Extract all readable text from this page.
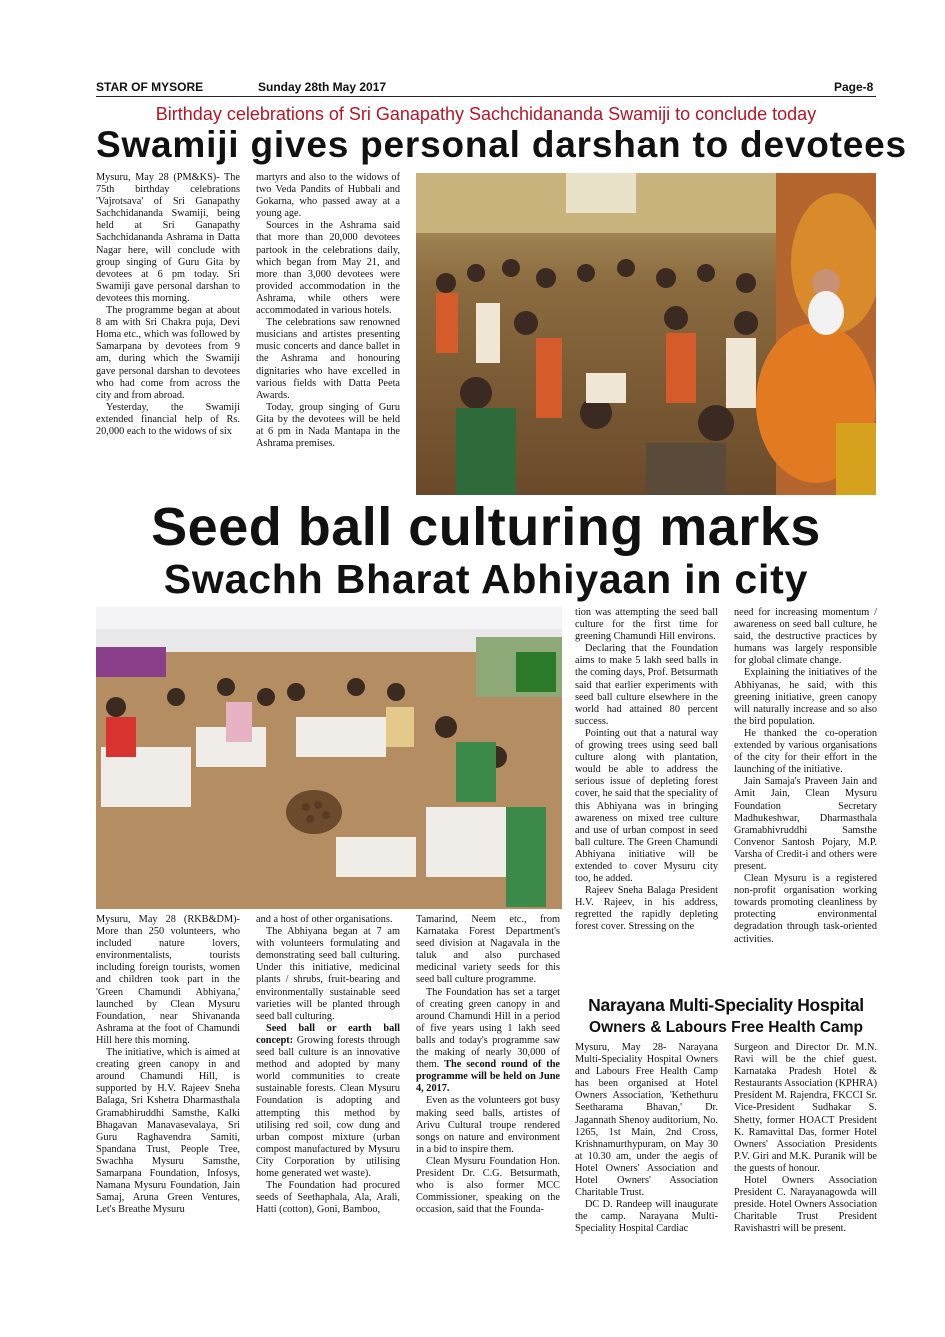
STAR OF MYSORE	Sunday 28th May 2017	Page-8
Birthday celebrations of Sri Ganapathy Sachchidananda Swamiji to conclude today
Swamiji gives personal darshan to devotees

Mysuru, May 28 (PM&KS)- The 75th birthday celebrations 'Vajrotsava' of Sri Ganapathy Sachchidananda Swamiji, being held at Sri Ganapathy Sachchidananda Ashrama in Datta Nagar here, will conclude with group singing of Guru Gita by devotees at 6 pm today. Sri Swamiji gave personal darshan to devotees this morning.

The programme began at about 8 am with Sri Chakra puja, Devi Homa etc., which was followed by Samarpana by devotees from 9 am, during which the Swamiji gave personal darshan to devotees who had come from across the city and from abroad.

Yesterday, the Swamiji extended financial help of Rs. 20,000 each to the widows of six

martyrs and also to the widows of two Veda Pandits of Hubbali and Gokarna, who passed away at a young age.

Sources in the Ashrama said that more than 20,000 devotees partook in the celebrations daily, which began from May 21, and more than 3,000 devotees were provided accommodation in the Ashrama, while others were accommodated in various hotels.

The celebrations saw renowned musicians and artistes presenting music concerts and dance ballet in the Ashrama and honouring dignitaries who have excelled in various fields with Datta Peeta Awards.

Today, group singing of Guru Gita by the devotees will be held at 6 pm in Nada Mantapa in the Ashrama premises.

Seed ball culturing marks
Swachh Bharat Abhiyaan in city

tion was attempting the seed ball culture for the first time for greening Chamundi Hill environs.

Declaring that the Foundation aims to make 5 lakh seed balls in the coming days, Prof. Betsurmath said that earlier experiments with seed ball culture elsewhere in the world had attained 80 percent success.

Pointing out that a natural way of growing trees using seed ball culture along with plantation, would be able to address the serious issue of depleting forest cover, he said that the speciality of this Abhiyana was in bringing awareness on mixed tree culture and use of urban compost in seed ball culture. The Green Chamundi Abhiyana initiative will be extended to cover Mysuru city too, he added.

Rajeev Sneha Balaga President H.V. Rajeev, in his address, regretted the rapidly depleting forest cover. Stressing on the

need for increasing momentum / awareness on seed ball culture, he said, the destructive practices by humans was largely responsible for global climate change.

Explaining the initiatives of the Abhiyanas, he said, with this greening initiative, green canopy will naturally increase and so also the bird population.

He thanked the co-operation extended by various organisations of the city for their effort in the launching of the initiative.

Jain Samaja's Praveen Jain and Amit Jain, Clean Mysuru Foundation Secretary Madhukeshwar, Dharmasthala Gramabhivruddhi Samsthe Convenor Santosh Pojary, M.P. Varsha of Credit-i and others were present.

Clean Mysuru is a registered non-profit organisation working towards promoting cleanliness by protecting environmental degradation through task-oriented activities.

Mysuru, May 28 (RKB&DM)- More than 250 volunteers, who included nature lovers, environmentalists, tourists including foreign tourists, women and children took part in the 'Green Chamundi Abhiyana,' launched by Clean Mysuru Foundation, near Shivananda Ashrama at the foot of Chamundi Hill here this morning.

The initiative, which is aimed at creating green canopy in and around Chamundi Hill, is supported by H.V. Rajeev Sneha Balaga, Sri Kshetra Dharmasthala Gramabhiruddhi Samsthe, Kalki Bhagavan Manavasevalaya, Sri Guru Raghavendra Samiti, Spandana Trust, People Tree, Swachha Mysuru Samsthe, Samarpana Foundation, Infosys, Namana Mysuru Foundation, Jain Samaj, Aruna Green Ventures, Let's Breathe Mysuru

and a host of other organisations.

The Abhiyana began at 7 am with volunteers formulating and demonstrating seed ball culturing. Under this initiative, medicinal plants / shrubs, fruit-bearing and environmentally sustainable seed varieties will be planted through seed ball culturing.

Seed ball or earth ball concept: Growing forests through seed ball culture is an innovative method and adopted by many world communities to create sustainable forests. Clean Mysuru Foundation is adopting and attempting this method by utilising red soil, cow dung and urban compost mixture (urban compost manufactured by Mysuru City Corporation by utilising home generated wet waste).

The Foundation had procured seeds of Seethaphala, Ala, Arali, Hatti (cotton), Goni, Bamboo,

Tamarind, Neem etc., from Karnataka Forest Department's seed division at Nagavala in the taluk and also purchased medicinal variety seeds for this seed ball culture programme.

The Foundation has set a target of creating green canopy in and around Chamundi Hill in a period of five years using 1 lakh seed balls and today's programme saw the making of nearly 30,000 of them. The second round of the programme will be held on June 4, 2017.

Even as the volunteers got busy making seed balls, artistes of Arivu Cultural troupe rendered songs on nature and environment in a bid to inspire them.

Clean Mysuru Foundation Hon. President Dr. C.G. Betsurmath, who is also former MCC Commissioner, speaking on the occasion, said that the Founda-

Narayana Multi-Speciality Hospital
Owners & Labours Free Health Camp

Mysuru, May 28- Narayana Multi-Speciality Hospital Owners and Labours Free Health Camp has been organised at Hotel Owners Association, 'Kethethuru Seetharama Bhavan,' Dr. Jagannath Shenoy auditorium, No. 1265, 1st Main, 2nd Cross, Krishnamurthypuram, on May 30 at 10.30 am, under the aegis of Hotel Owners' Association and Hotel Owners' Association Charitable Trust.

DC D. Randeep will inaugurate the camp. Narayana Multi-Speciality Hospital Cardiac

Surgeon and Director Dr. M.N. Ravi will be the chief guest. Karnataka Pradesh Hotel & Restaurants Association (KPHRA) President M. Rajendra, FKCCI Sr. Vice-President Sudhakar S. Shetty, former HOACT President K. Ramavittal Das, former Hotel Owners' Association Presidents P.V. Giri and M.K. Puranik will be the guests of honour.

Hotel Owners Association President C. Narayanagowda will preside. Hotel Owners Association Charitable Trust President Ravishastri will be present.
